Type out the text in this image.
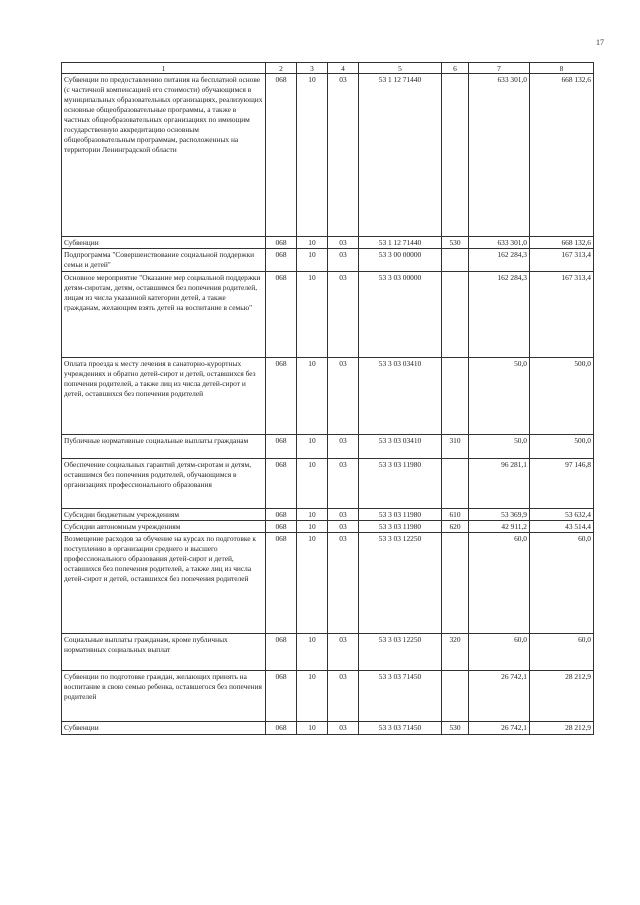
17
1	2	3	4	5	6	7	8
Субвенции по предоставлению питания на бесплатной основе (с частичной компенсацией его стоимости) обучающимся в муниципальных образовательных организациях, реализующих основные общеобразовательные программы, а также в частных общеобразовательных организациях по имеющим государственную аккредитацию основным общеобразовательным программам, расположенных на территории Ленинградской области	068	10	03	53 1 12 71440		633 301,0	668 132,6
Субвенции	068	10	03	53 1 12 71440	530	633 301,0	668 132,6
Подпрограмма "Совершенствование социальной поддержки семьи и детей"	068	10	03	53 3 00 00000		162 284,3	167 313,4
Основное мероприятие "Оказание мер социальной поддержки детям-сиротам, детям, оставшимся без попечения родителей, лицам из числа указанной категории детей, а также гражданам, желающим взять детей на воспитание в семью"	068	10	03	53 3 03 00000		162 284,3	167 313,4
Оплата проезда к месту лечения в санаторно-курортных учреждениях и обратно детей-сирот и детей, оставшихся без попечения родителей, а также лиц из числа детей-сирот и детей, оставшихся без попечения родителей	068	10	03	53 3 03 03410		50,0	500,0
Публичные нормативные социальные выплаты гражданам	068	10	03	53 3 03 03410	310	50,0	500,0
Обеспечение социальных гарантий детям-сиротам и детям, оставшимся без попечения родителей, обучающимся в организациях профессионального образования	068	10	03	53 3 03 11980		96 281,1	97 146,8
Субсидии бюджетным учреждениям	068	10	03	53 3 03 11980	610	53 369,9	53 632,4
Субсидии автономным учреждениям	068	10	03	53 3 03 11980	620	42 911,2	43 514,4
Возмещение расходов за обучение на курсах по подготовке к поступлению в организации среднего и высшего профессионального образования детей-сирот и детей, оставшихся без попечения родителей, а также лиц из числа детей-сирот и детей, оставшихся без попечения родителей	068	10	03	53 3 03 12250		60,0	60,0
Социальные выплаты гражданам, кроме публичных нормативных социальных выплат	068	10	03	53 3 03 12250	320	60,0	60,0
Субвенции по подготовке граждан, желающих принять на воспитание в свою семью ребенка, оставшегося без попечения родителей	068	10	03	53 3 03 71450		26 742,1	28 212,9
Субвенции	068	10	03	53 3 03 71450	530	26 742,1	28 212,9
